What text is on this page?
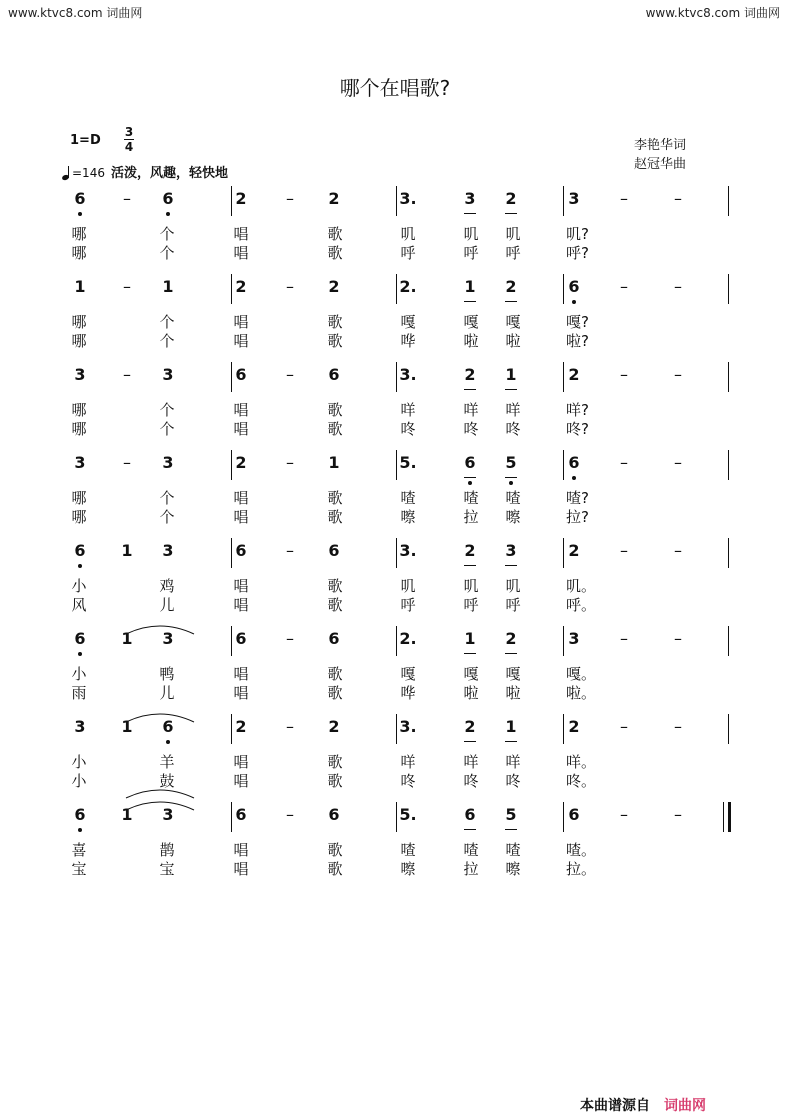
www.ktvc8.com 词曲网	www.ktvc8.com 词曲网
哪个在唱歌?
1=D
3
4
=146 活泼，风趣，轻快地
李艳华词
赵冠华曲
6	–	6	2	–	2	3.	3 2	3	–	–
哪	个	唱	歌	叽	叽 叽	叽?
哪	个	唱	歌	呼	呼 呼	呼?
1	–	1	2	–	2	2.	1 2	6	–	–
哪	个	唱	歌	嘎	嘎 嘎	嘎?
哪	个	唱	歌	哗	啦 啦	啦?
3	–	3	6	–	6	3.	2 1	2	–	–
哪	个	唱	歌	咩	咩 咩	咩?
哪	个	唱	歌	咚	咚 咚	咚?
3	–	3	2	–	1	5.	6 5	6	–	–
哪	个	唱	歌	喳	喳 喳	喳?
哪	个	唱	歌	嚓	拉 嚓	拉?
6 1 3	6	–	6	3.	2 3	2	–	–
小	鸡	唱	歌	叽	叽 叽	叽。
风	儿	唱	歌	呼	呼 呼	呼。
6 1 3	6	–	6	2.	1 2	3	–	–
小	鸭	唱	歌	嘎	嘎 嘎	嘎。
雨	儿	唱	歌	哗	啦 啦	啦。
3 1 6	2	–	2	3.	2 1	2	–	–
小	羊	唱	歌	咩	咩 咩	咩。
小	鼓	唱	歌	咚	咚 咚	咚。
6 1 3	6	–	6	5.	6 5	6	–	–
喜	鹊	唱	歌	喳	喳 喳	喳。
宝	宝	唱	歌	嚓	拉 嚓	拉。
本曲谱源自 词曲网
